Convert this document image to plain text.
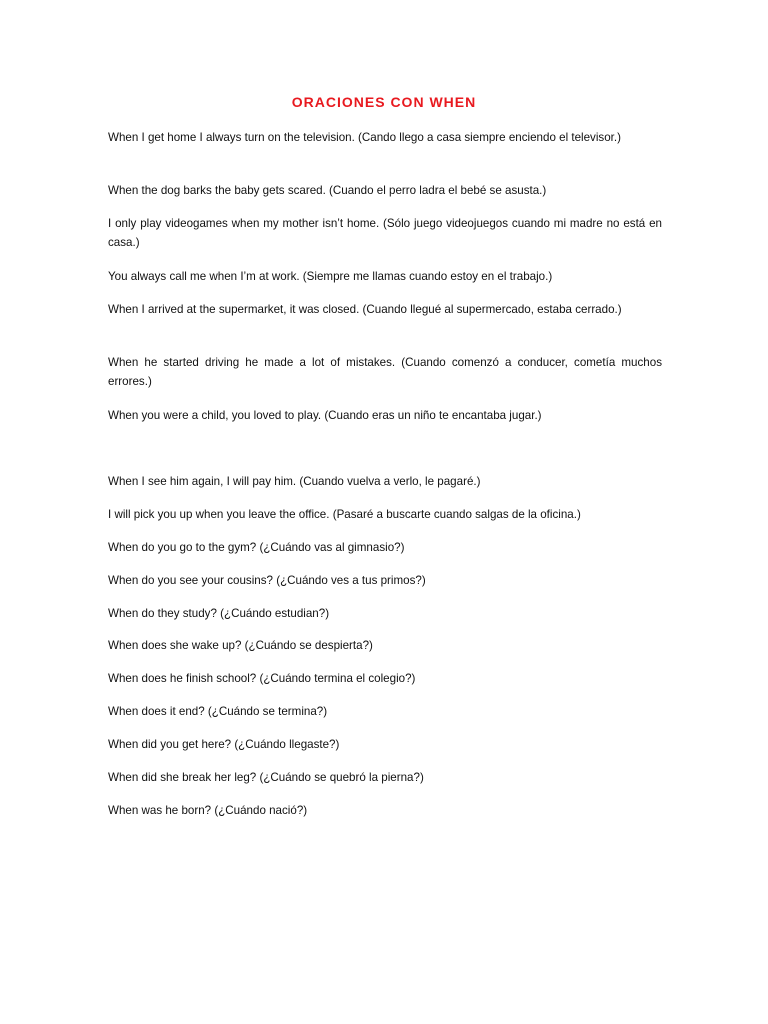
ORACIONES CON WHEN

When I get home I always turn on the television. (Cando llego a casa siempre enciendo el televisor.)

When the dog barks the baby gets scared. (Cuando el perro ladra el bebé se asusta.)

I only play videogames when my mother isn’t home. (Sólo juego videojuegos cuando mi madre no está en casa.)

You always call me when I’m at work. (Siempre me llamas cuando estoy en el trabajo.)

When I arrived at the supermarket, it was closed. (Cuando llegué al supermercado, estaba cerrado.)

When he started driving he made a lot of mistakes. (Cuando comenzó a conducer, cometía muchos errores.)

When you were a child, you loved to play. (Cuando eras un niño te encantaba jugar.)

When I see him again, I will pay him. (Cuando vuelva a verlo, le pagaré.)

I will pick you up when you leave the office. (Pasaré a buscarte cuando salgas de la oficina.)

When do you go to the gym? (¿Cuándo vas al gimnasio?)

When do you see your cousins? (¿Cuándo ves a tus primos?)

When do they study? (¿Cuándo estudian?)

When does she wake up? (¿Cuándo se despierta?)

When does he finish school? (¿Cuándo termina el colegio?)

When does it end? (¿Cuándo se termina?)

When did you get here? (¿Cuándo llegaste?)

When did she break her leg? (¿Cuándo se quebró la pierna?)

When was he born? (¿Cuándo nació?)
